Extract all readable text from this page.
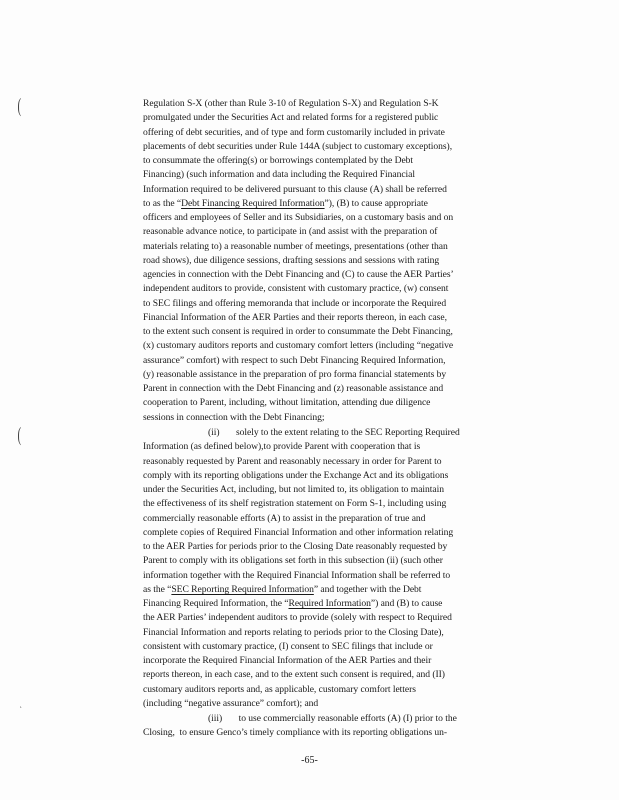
(
(
ˌ
Regulation S-X (other than Rule 3-10 of Regulation S-X) and Regulation S-K
promulgated under the Securities Act and related forms for a registered public
offering of debt securities, and of type and form customarily included in private
placements of debt securities under Rule 144A (subject to customary exceptions),
to consummate the offering(s) or borrowings contemplated by the Debt
Financing) (such information and data including the Required Financial
Information required to be delivered pursuant to this clause (A) shall be referred
to as the “Debt Financing Required Information”), (B) to cause appropriate
officers and employees of Seller and its Subsidiaries, on a customary basis and on
reasonable advance notice, to participate in (and assist with the preparation of
materials relating to) a reasonable number of meetings, presentations (other than
road shows), due diligence sessions, drafting sessions and sessions with rating
agencies in connection with the Debt Financing and (C) to cause the AER Parties’
independent auditors to provide, consistent with customary practice, (w) consent
to SEC filings and offering memoranda that include or incorporate the Required
Financial Information of the AER Parties and their reports thereon, in each case,
to the extent such consent is required in order to consummate the Debt Financing,
(x) customary auditors reports and customary comfort letters (including “negative
assurance” comfort) with respect to such Debt Financing Required Information,
(y) reasonable assistance in the preparation of pro forma financial statements by
Parent in connection with the Debt Financing and (z) reasonable assistance and
cooperation to Parent, including, without limitation, attending due diligence
sessions in connection with the Debt Financing;
(ii)       solely to the extent relating to the SEC Reporting Required
Information (as defined below),to provide Parent with cooperation that is
reasonably requested by Parent and reasonably necessary in order for Parent to
comply with its reporting obligations under the Exchange Act and its obligations
under the Securities Act, including, but not limited to, its obligation to maintain
the effectiveness of its shelf registration statement on Form S-1, including using
commercially reasonable efforts (A) to assist in the preparation of true and
complete copies of Required Financial Information and other information relating
to the AER Parties for periods prior to the Closing Date reasonably requested by
Parent to comply with its obligations set forth in this subsection (ii) (such other
information together with the Required Financial Information shall be referred to
as the “SEC Reporting Required Information” and together with the Debt
Financing Required Information, the “Required Information”) and (B) to cause
the AER Parties’ independent auditors to provide (solely with respect to Required
Financial Information and reports relating to periods prior to the Closing Date),
consistent with customary practice, (I) consent to SEC filings that include or
incorporate the Required Financial Information of the AER Parties and their
reports thereon, in each case, and to the extent such consent is required, and (II)
customary auditors reports and, as applicable, customary comfort letters
(including “negative assurance” comfort); and
(iii)       to use commercially reasonable efforts (A) (I) prior to the
Closing,  to ensure Genco’s timely compliance with its reporting obligations un-
-65-
